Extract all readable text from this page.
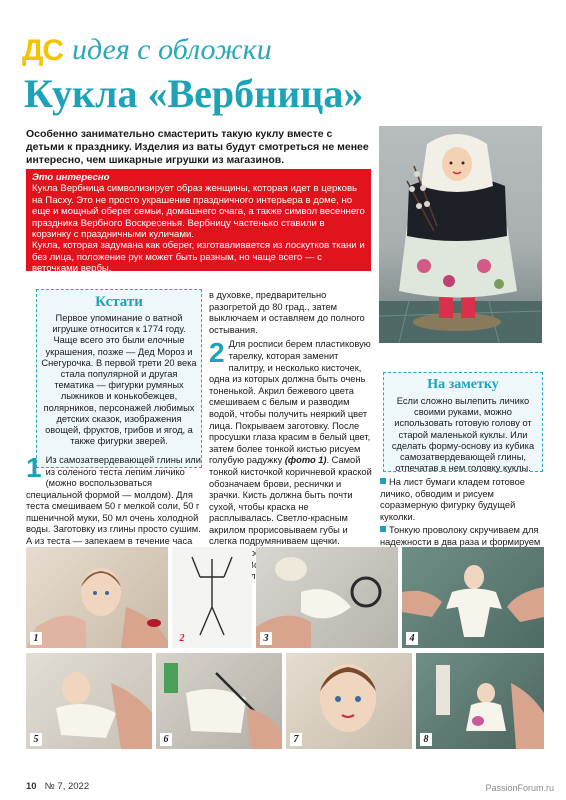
ДС идея с обложки
Кукла «Вербница»
Особенно занимательно смастерить такую куклу вместе с детьми к празднику. Изделия из ваты будут смотреться не менее интересно, чем шикарные игрушки из магазинов.

Это интересно

Кукла Вербница символизирует образ женщины, которая идет в церковь на Пасху. Это не просто украшение праздничного интерьера в доме, но еще и мощный оберег семьи, домашнего очага, а также символ весеннего праздника Вербного Воскресенья. Вербницу частенько ставили в корзинку с праздничными куличами.

Кукла, которая задумана как оберег, изготавливается из лоскутков ткани и без лица, положение рук может быть разным, но чаще всего — с веточками вербы.

Кстати
Первое упоминание о ватной игрушке относится к 1774 году. Чаще всего это были елочные украшения, позже — Дед Мороз и Снегурочка. В первой трети 20 века стала популярной и другая тематика — фигурки румяных лыжников и конькобежцев, полярников, персонажей любимых детских сказок, изображения овощей, фруктов, грибов и ягод, а также фигурки зверей.
1 Из самозатвердевающей глины или из соленого теста лепим личико (можно воспользоваться специальной формой — молдом). Для теста смешиваем 50 г мелкой соли, 50 г пшеничной муки, 50 мл очень холодной воды. Заготовку из глины просто сушим. А из теста — запекаем в течение часа
в духовке, предварительно разогретой до 80 град., затем выключаем и оставляем до полного остывания.
2 Для росписи берем пластиковую тарелку, которая заменит палитру, и несколько кисточек, одна из которых должна быть очень тоненькой. Акрил бежевого цвета смешиваем с белым и разводим водой, чтобы получить неяркий цвет лица. Покрываем заготовку. После просушки глаза красим в белый цвет, затем более тонкой кистью рисуем голубую радужку (фото 1). Самой тонкой кисточкой коричневой краской обозначаем брови, реснички и зрачки. Кисть должна быть почти сухой, чтобы краска не расплывалась. Светло-красным акрилом прорисовываем губы и слегка подрумяниваем щечки.
На заметку
Если сложно вылепить личико своими руками, можно использовать готовую голову от старой маленькой куклы. Или сделать форму-основу из кубика самозатвердевающей глины, отпечатав в нем головку куклы.

На лист бумаги кладем готовое личико, обводим и рисуем соразмерную фигурку будущей куколки.

Тонкую проволоку скручиваем для надежности в два раза и формируем

1	2	3	4
5	6	7	8
10 № 7, 2022	PassionForum.ru
